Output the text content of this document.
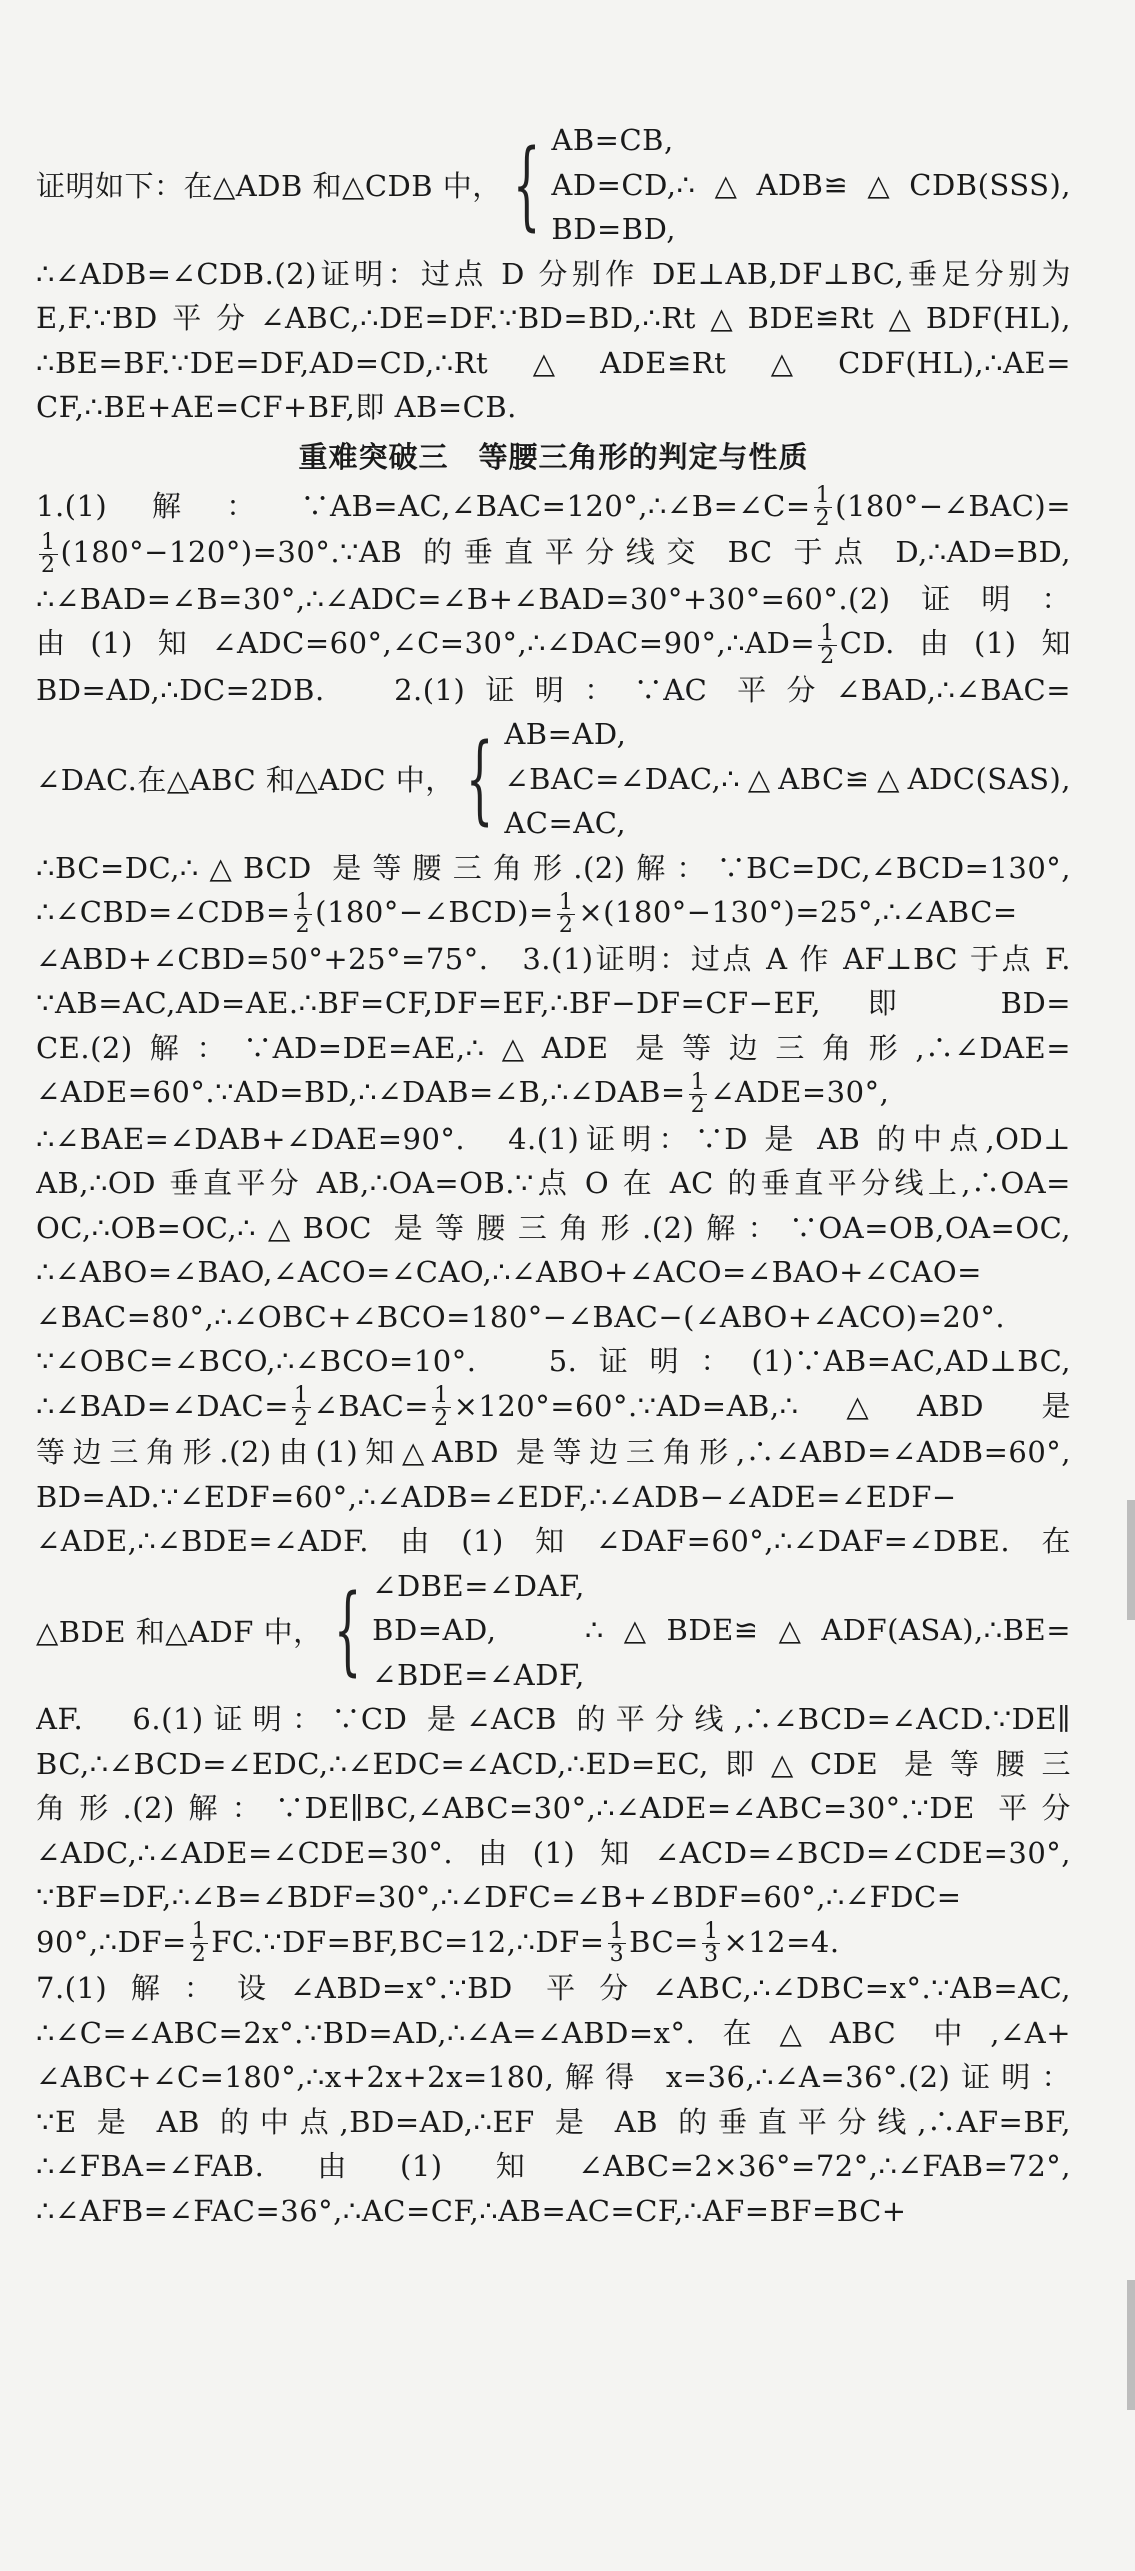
证明如下：在△ADB 和△CDB 中， { AB=CB,
AD=CD,
BD=BD,
∴△ADB≌△CDB(SSS),
∴∠ADB=∠CDB.(2)证明：过点 D 分别作 DE⊥AB,DF⊥BC,垂足分别为
E,F.∵BD平分∠ABC,∴DE=DF.∵BD=BD,∴Rt△BDE≌Rt△BDF(HL),
∴BE=BF.∵DE=DF,AD=CD,∴Rt△ADE≌Rt△CDF(HL),∴AE=
CF,∴BE+AE=CF+BF,即 AB=CB.
重难突破三　等腰三角形的判定与性质
1.(1)解：∵AB=AC,∠BAC=120°,∴∠B=∠C= $\frac{1}{2}$ (180°−∠BAC)=
$\frac{1}{2}$ (180°−120°)=30°.∵AB 的垂直平分线交 BC 于点 D,∴AD=BD,
∴∠BAD=∠B=30°,∴∠ADC=∠B+∠BAD=30°+30°=60°.(2)证明：
由(1)知∠ADC=60°,∠C=30°,∴∠DAC=90°,∴AD= $\frac{1}{2}$ CD.由(1)知
BD=AD,∴DC=2DB.　2.(1)证明：∵AC 平分∠BAD,∴∠BAC=
∠DAC.在△ABC 和△ADC 中， { AB=AD,
∠BAC=∠DAC,
AC=AC,
∴△ABC≌△ADC(SAS),
∴BC=DC,∴△BCD 是等腰三角形.(2)解：∵BC=DC,∠BCD=130°,
∴∠CBD=∠CDB= $\frac{1}{2}$ (180°−∠BCD)= $\frac{1}{2}$ ×(180°−130°)=25°,∴∠ABC=
∠ABD+∠CBD=50°+25°=75°.　3.(1)证明：过点 A 作 AF⊥BC 于点 F.
∵AB=AC,AD=AE.∴BF=CF,DF=EF,∴BF−DF=CF−EF,即 BD=
CE.(2)解：∵AD=DE=AE,∴△ADE 是等边三角形,∴∠DAE=
∠ADE=60°.∵AD=BD,∴∠DAB=∠B,∴∠DAB= $\frac{1}{2}$ ∠ADE=30°,
∴∠BAE=∠DAB+∠DAE=90°.　4.(1)证明：∵D 是 AB 的中点,OD⊥
AB,∴OD 垂直平分 AB,∴OA=OB.∵点 O 在 AC 的垂直平分线上,∴OA=
OC,∴OB=OC,∴△BOC 是等腰三角形.(2)解：∵OA=OB,OA=OC,
∴∠ABO=∠BAO,∠ACO=∠CAO,∴∠ABO+∠ACO=∠BAO+∠CAO=
∠BAC=80°,∴∠OBC+∠BCO=180°−∠BAC−(∠ABO+∠ACO)=20°.
∵∠OBC=∠BCO,∴∠BCO=10°.　5.证明：(1)∵AB=AC,AD⊥BC,
∴∠BAD=∠DAC= $\frac{1}{2}$ ∠BAC= $\frac{1}{2}$ ×120°=60°.∵AD=AB,∴△ABD 是
等边三角形.(2)由(1)知△ABD 是等边三角形,∴∠ABD=∠ADB=60°,
BD=AD.∵∠EDF=60°,∴∠ADB=∠EDF,∴∠ADB−∠ADE=∠EDF−
∠ADE,∴∠BDE=∠ADF.由(1)知∠DAF=60°,∴∠DAF=∠DBE.在
△BDE 和△ADF 中， { ∠DBE=∠DAF,
BD=AD,
∠BDE=∠ADF,
∴△BDE≌△ADF(ASA),∴BE=
AF.　6.(1)证明：∵CD 是∠ACB 的平分线,∴∠BCD=∠ACD.∵DE∥
BC,∴∠BCD=∠EDC,∴∠EDC=∠ACD,∴ED=EC,即△CDE 是等腰三
角形.(2)解：∵DE∥BC,∠ABC=30°,∴∠ADE=∠ABC=30°.∵DE 平分
∠ADC,∴∠ADE=∠CDE=30°.由(1)知∠ACD=∠BCD=∠CDE=30°,
∵BF=DF,∴∠B=∠BDF=30°,∴∠DFC=∠B+∠BDF=60°,∴∠FDC=
90°,∴DF= $\frac{1}{2}$ FC.∵DF=BF,BC=12,∴DF= $\frac{1}{3} BC= \frac{1}{3} \times 12=4$.
7.(1)解：设∠ABD=x°.∵BD 平分∠ABC,∴∠DBC=x°.∵AB=AC,
∴∠C=∠ABC=2x°.∵BD=AD,∴∠A=∠ABD=x°.在△ABC 中,∠A+
∠ABC+∠C=180°,∴x+2x+2x=180,解得 x=36,∴∠A=36°.(2)证明：
∵E 是 AB 的中点,BD=AD,∴EF 是 AB 的垂直平分线,∴AF=BF,
∴∠FBA=∠FAB.由(1)知∠ABC=2×36°=72°,∴∠FAB=72°,
∴∠AFB=∠FAC=36°,∴AC=CF,∴AB=AC=CF,∴AF=BF=BC+
